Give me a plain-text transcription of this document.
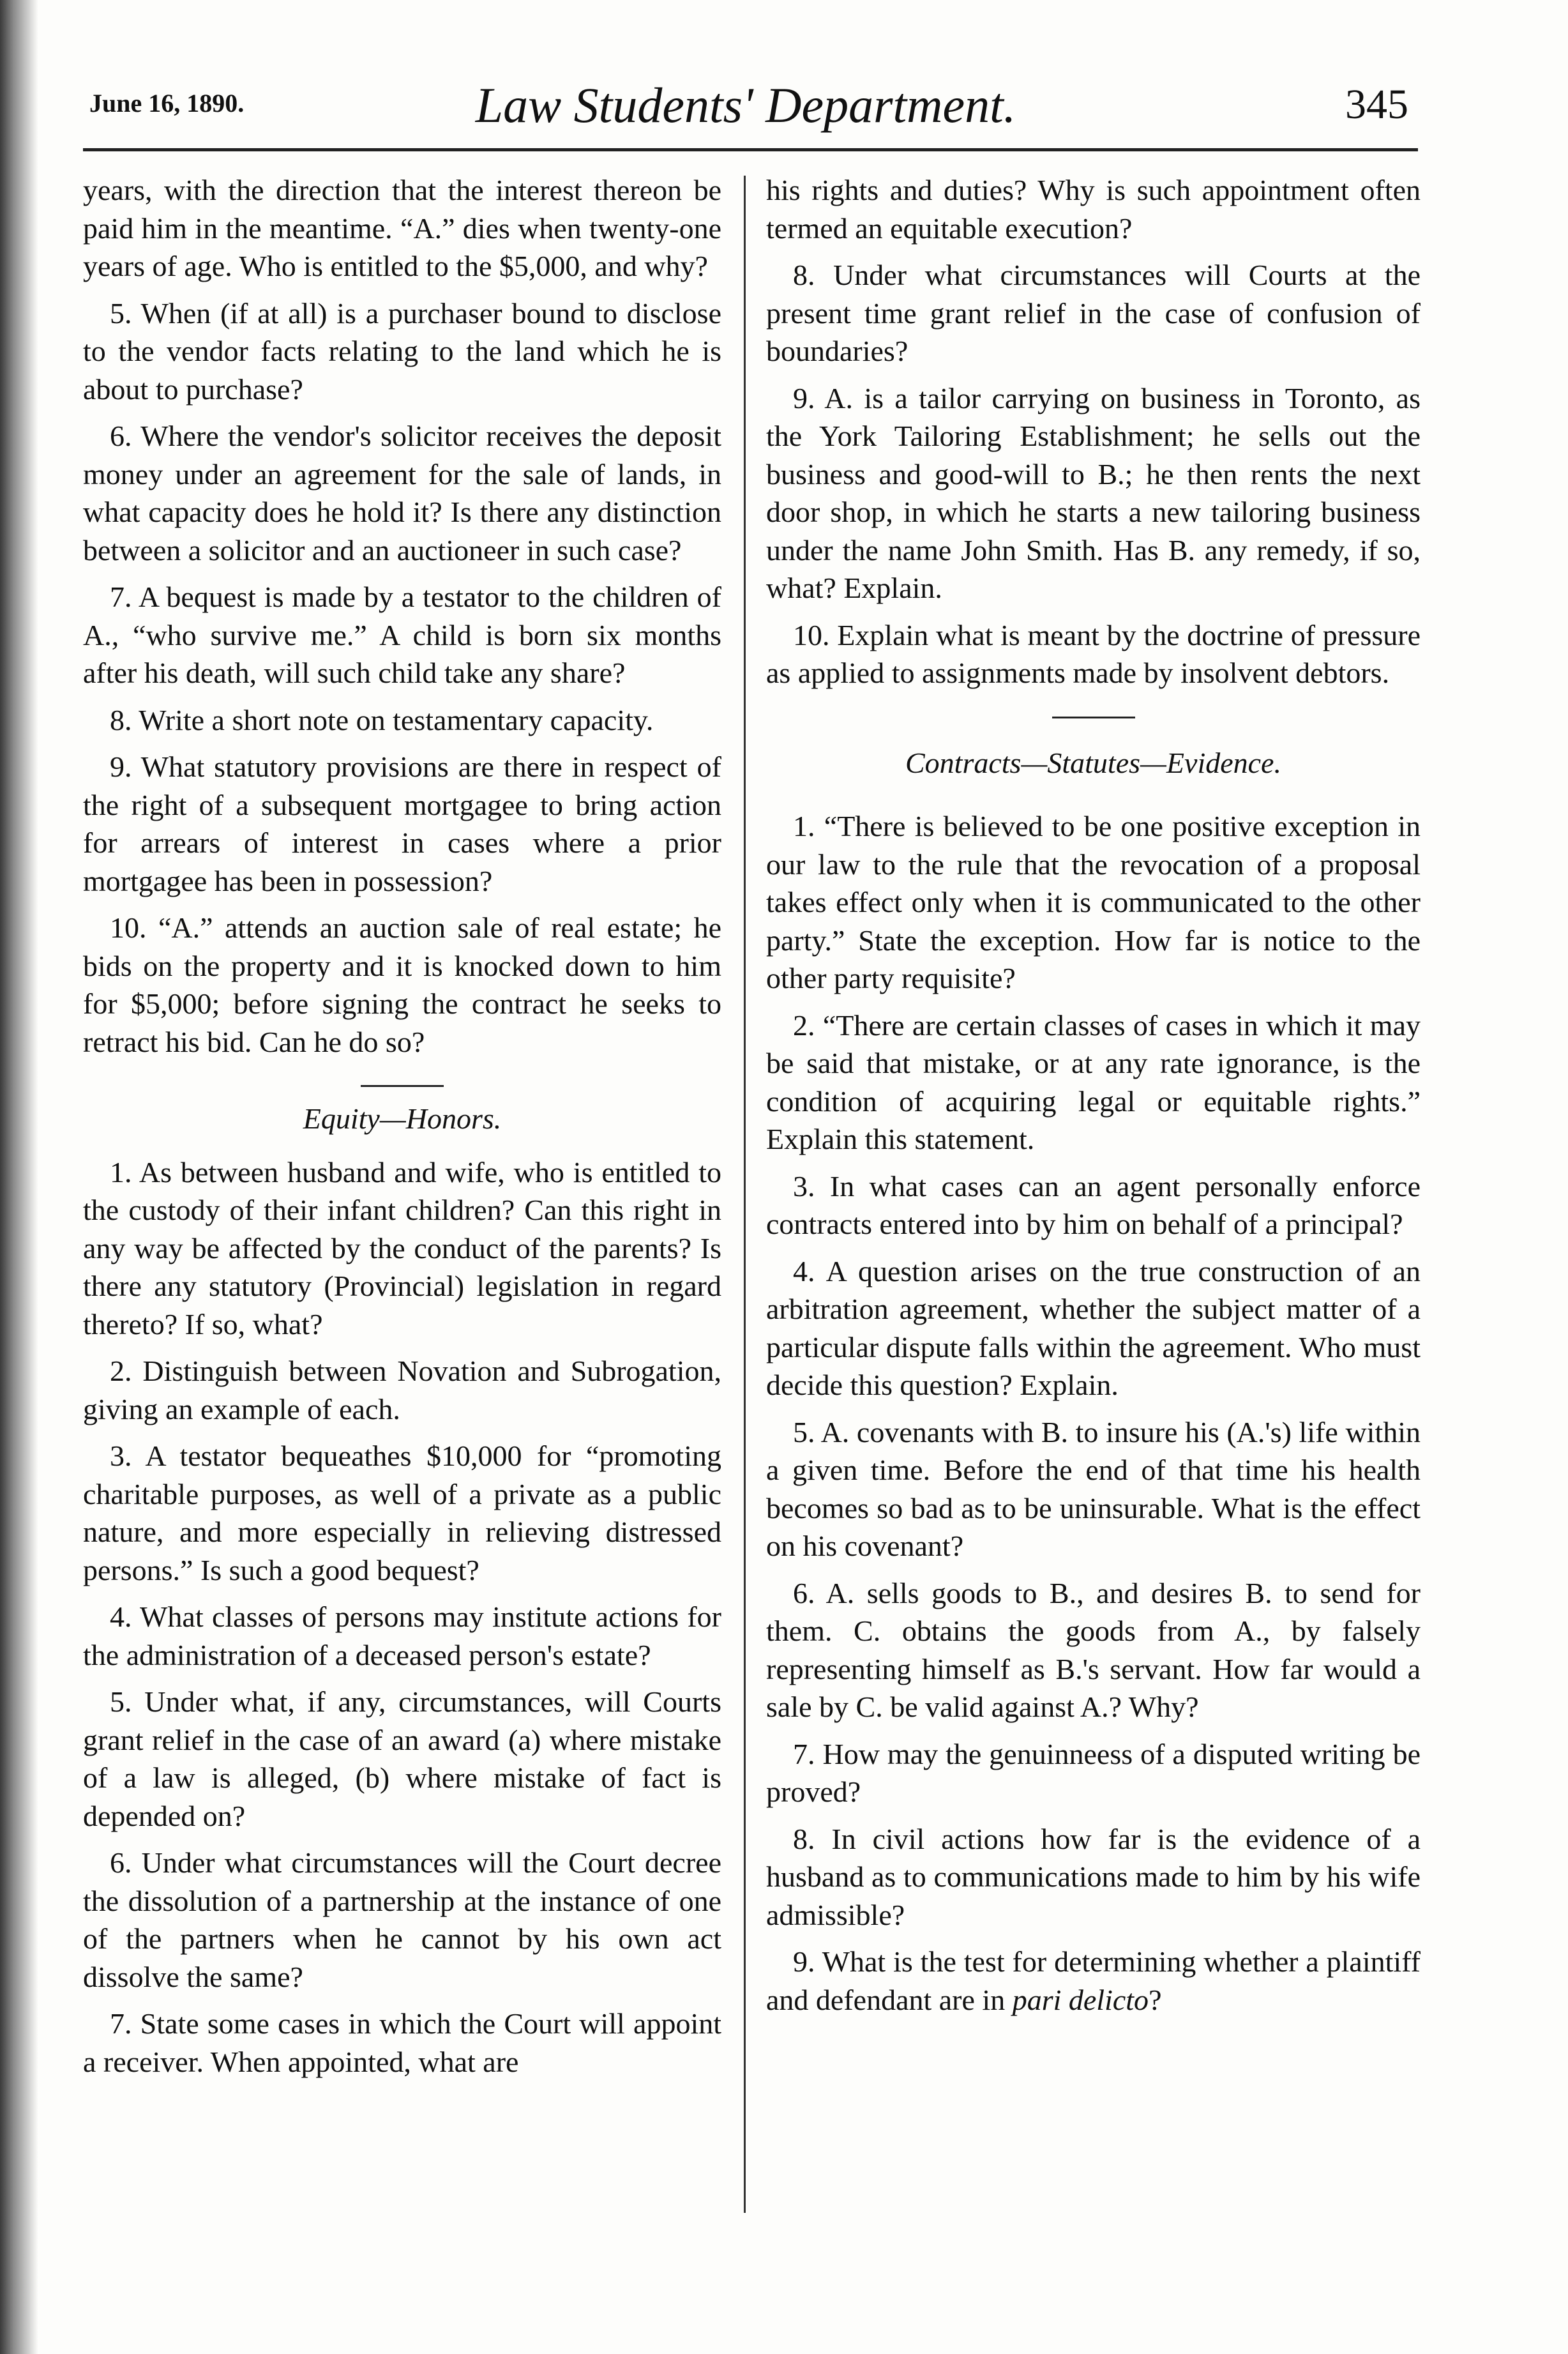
June 16, 1890.	Law Students' Department.	345

years, with the direction that the interest thereon be paid him in the meantime. “A.” dies when twenty-one years of age. Who is entitled to the $5,000, and why?

5. When (if at all) is a purchaser bound to disclose to the vendor facts relating to the land which he is about to purchase?

6. Where the vendor's solicitor receives the deposit money under an agreement for the sale of lands, in what capacity does he hold it? Is there any distinction between a solicitor and an auctioneer in such case?

7. A bequest is made by a testator to the children of A., “who survive me.” A child is born six months after his death, will such child take any share?

8. Write a short note on testamentary capacity.

9. What statutory provisions are there in respect of the right of a subsequent mortgagee to bring action for arrears of interest in cases where a prior mortgagee has been in possession?

10. “A.” attends an auction sale of real estate; he bids on the property and it is knocked down to him for $5,000; before signing the contract he seeks to retract his bid. Can he do so?

Equity—Honors.

1. As between husband and wife, who is entitled to the custody of their infant children? Can this right in any way be affected by the conduct of the parents? Is there any statutory (Provincial) legislation in regard thereto? If so, what?

2. Distinguish between Novation and Subrogation, giving an example of each.

3. A testator bequeathes $10,000 for “promoting charitable purposes, as well of a private as a public nature, and more especially in relieving distressed persons.” Is such a good bequest?

4. What classes of persons may institute actions for the administration of a deceased person's estate?

5. Under what, if any, circumstances, will Courts grant relief in the case of an award (a) where mistake of a law is alleged, (b) where mistake of fact is depended on?

6. Under what circumstances will the Court decree the dissolution of a partnership at the instance of one of the partners when he cannot by his own act dissolve the same?

7. State some cases in which the Court will appoint a receiver. When appointed, what are

his rights and duties? Why is such appointment often termed an equitable execution?

8. Under what circumstances will Courts at the present time grant relief in the case of confusion of boundaries?

9. A. is a tailor carrying on business in Toronto, as the York Tailoring Establishment; he sells out the business and good-will to B.; he then rents the next door shop, in which he starts a new tailoring business under the name John Smith. Has B. any remedy, if so, what? Explain.

10. Explain what is meant by the doctrine of pressure as applied to assignments made by insolvent debtors.

Contracts—Statutes—Evidence.

1. “There is believed to be one positive exception in our law to the rule that the revocation of a proposal takes effect only when it is communicated to the other party.” State the exception. How far is notice to the other party requisite?

2. “There are certain classes of cases in which it may be said that mistake, or at any rate ignorance, is the condition of acquiring legal or equitable rights.” Explain this statement.

3. In what cases can an agent personally enforce contracts entered into by him on behalf of a principal?

4. A question arises on the true construction of an arbitration agreement, whether the subject matter of a particular dispute falls within the agreement. Who must decide this question? Explain.

5. A. covenants with B. to insure his (A.'s) life within a given time. Before the end of that time his health becomes so bad as to be uninsurable. What is the effect on his covenant?

6. A. sells goods to B., and desires B. to send for them. C. obtains the goods from A., by falsely representing himself as B.'s servant. How far would a sale by C. be valid against A.? Why?

7. How may the genuinneess of a disputed writing be proved?

8. In civil actions how far is the evidence of a husband as to communications made to him by his wife admissible?

9. What is the test for determining whether a plaintiff and defendant are in pari delicto?
